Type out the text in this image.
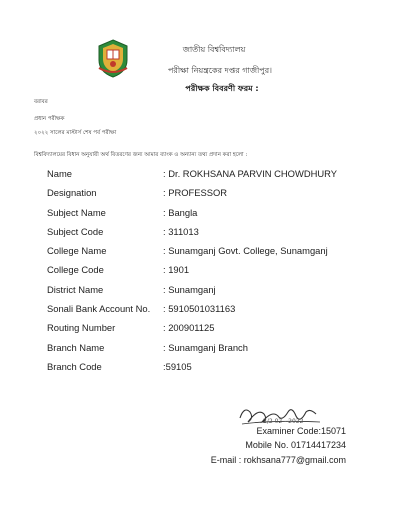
জাতীয় বিশ্ববিদ্যালয়
পরীক্ষা নিয়ন্ত্রকের দপ্তর গাজীপুর।
পরীক্ষক বিবরণী ফরম :
বরাবর
প্রধান পরীক্ষক
২০২২ সালের মাস্টার্স শেষ পর্ব পরীক্ষা
বিশ্ববিদ্যালয়ের বিধান অনুযায়ী অর্থ বিতরণের জন্য আমার ব্যাংক ও অন্যান্য তথ্য প্রদান করা হলো :
Name	: Dr. ROKHSANA PARVIN CHOWDHURY
Designation	: PROFESSOR
Subject Name	: Bangla
Subject Code	: 311013
College Name	: Sunamganj Govt. College, Sunamganj
College Code	: 1901
District Name	: Sunamganj
Sonali Bank Account No. : 5910501031163
Routing Number	: 200901125
Branch Name	: Sunamganj Branch
Branch Code	:59105
2/2 02 - 2022
Examiner Code:15071
Mobile No. 01714417234
E-mail : rokhsana777@gmail.com
